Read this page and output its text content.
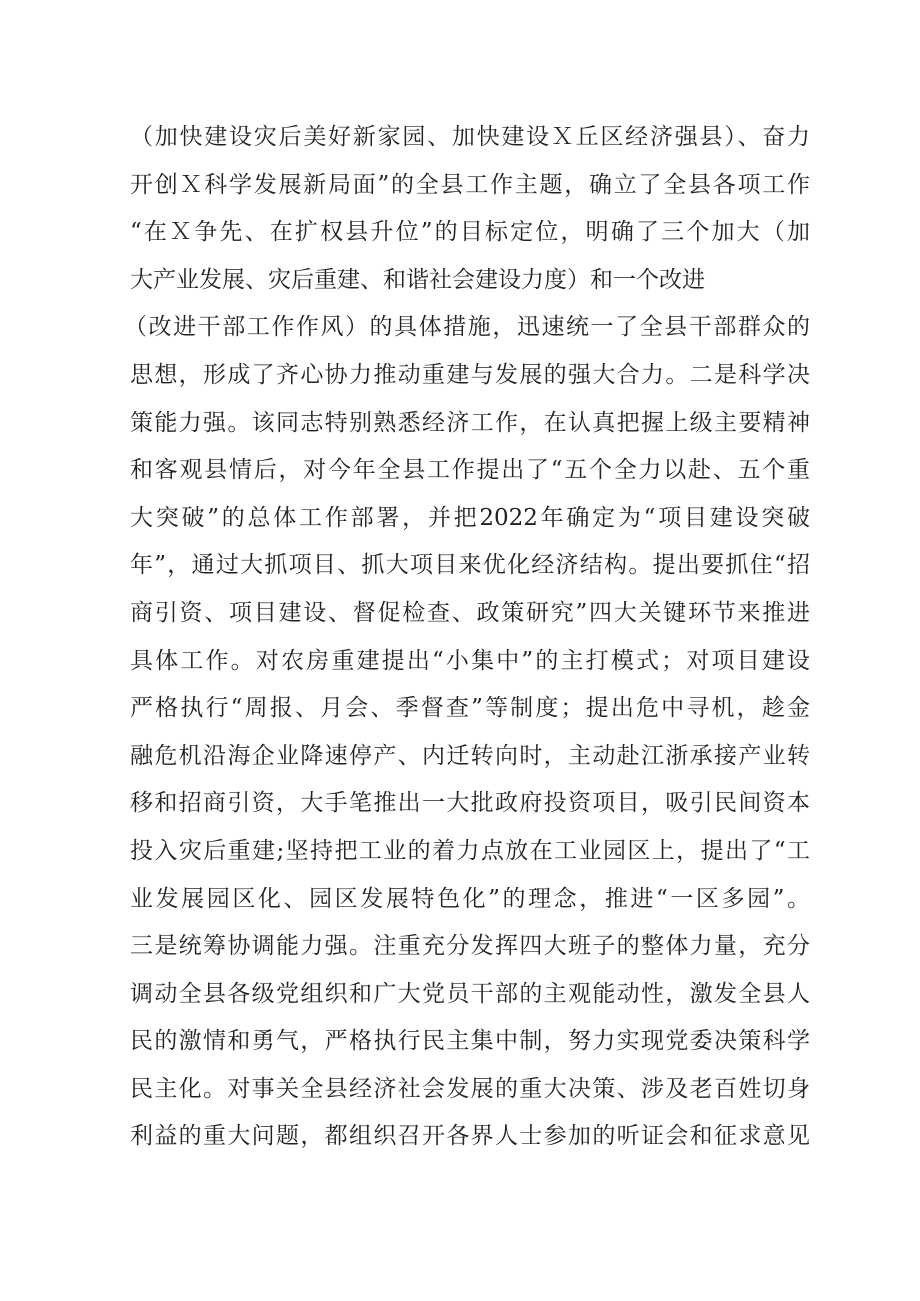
（加快建设灾后美好新家园、加快建设Ｘ丘区经济强县）、奋力
开创Ｘ科学发展新局面”的全县工作主题，确立了全县各项工作
“在Ｘ争先、在扩权县升位”的目标定位，明确了三个加大（加
大产业发展、灾后重建、和谐社会建设力度）和一个改进
（改进干部工作作风）的具体措施，迅速统一了全县干部群众的
思想，形成了齐心协力推动重建与发展的强大合力。二是科学决
策能力强。该同志特别熟悉经济工作，在认真把握上级主要精神
和客观县情后，对今年全县工作提出了“五个全力以赴、五个重
大突破”的总体工作部署，并把2022年确定为“项目建设突破
年”，通过大抓项目、抓大项目来优化经济结构。提出要抓住“招
商引资、项目建设、督促检查、政策研究”四大关键环节来推进
具体工作。对农房重建提出“小集中”的主打模式；对项目建设
严格执行“周报、月会、季督查”等制度；提出危中寻机，趁金
融危机沿海企业降速停产、内迁转向时，主动赴江浙承接产业转
移和招商引资，大手笔推出一大批政府投资项目，吸引民间资本
投入灾后重建;坚持把工业的着力点放在工业园区上，提出了“工
业发展园区化、园区发展特色化”的理念，推进“一区多园”。
三是统筹协调能力强。注重充分发挥四大班子的整体力量，充分
调动全县各级党组织和广大党员干部的主观能动性，激发全县人
民的激情和勇气，严格执行民主集中制，努力实现党委决策科学
民主化。对事关全县经济社会发展的重大决策、涉及老百姓切身
利益的重大问题，都组织召开各界人士参加的听证会和征求意见
